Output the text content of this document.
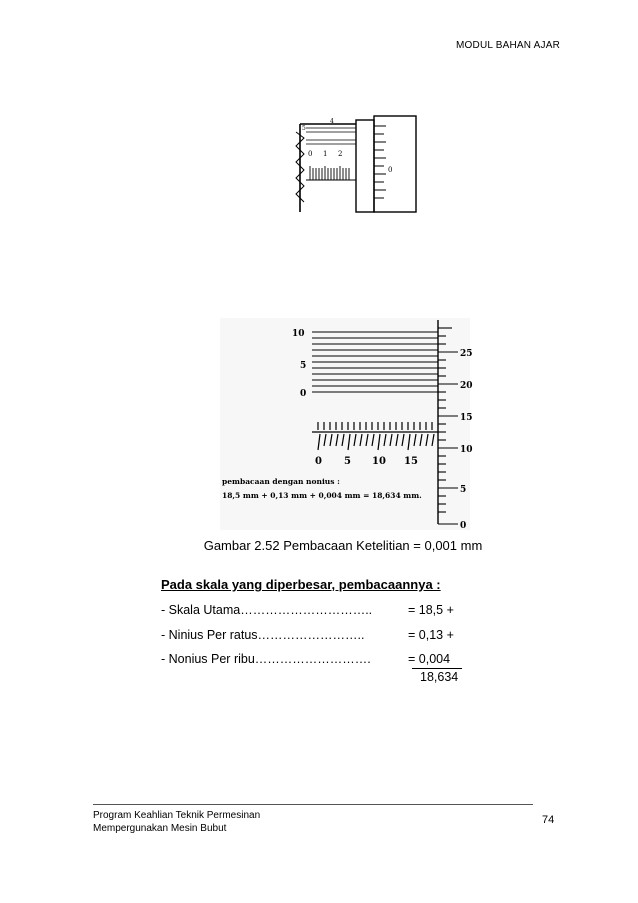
MODUL BAHAN AJAR
5
4
0 1 2
0
10
5
0
25
20
15
10
5
0
0 5 10 15
pembacaan dengan nonius :
18,5 mm + 0,13 mm + 0,004 mm = 18,634 mm.
Gambar 2.52 Pembacaan Ketelitian = 0,001 mm
Pada skala yang diperbesar, pembacaannya :
- Skala Utama…………………………..	= 18,5 +
- Ninius Per ratus……………………..	= 0,13 +
- Nonius Per ribu……………………….	= 0,004
18,634
Program Keahlian Teknik Permesinan
Mempergunakan Mesin Bubut
74
